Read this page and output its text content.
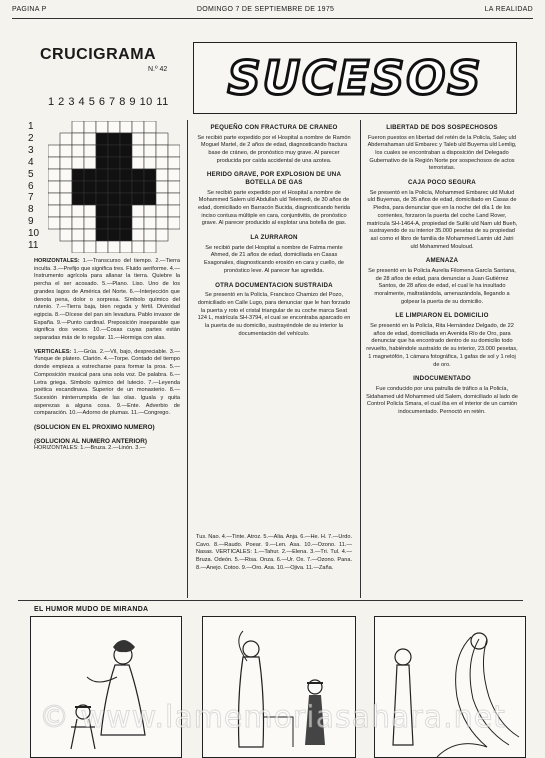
PAGINA P	DOMINGO 7 DE SEPTIEMBRE DE 1975	LA REALIDAD
CRUCIGRAMA
N.º 42
1 2 3 4 5 6 7 8 9 10 11
1
2
3
4
5
6
7
8
9
10
11

HORIZONTALES: 1.—Transcurso del tiempo. 2.—Tierra inculta. 3.—Prefijo que significa tres. Fluido aeriforme. 4.—Instrumento agrícola para allanar la tierra. Quiebre la percha el ser acosado. 5.—Plano. Liso. Uno de los grandes lagos de América del Norte. 6.—Interjección que denota pena, dolor o sorpresa. Símbolo químico del rutenio. 7.—Tierra baja, bien regada y fértil. Divinidad egipcia. 8.—Dícese del pan sin levadura. Pablo invasor de España. 9.—Punto cardinal. Preposición inseparable que significa dos veces. 10.—Cosas cuyas partes están separadas más de lo regular. 11.—Hormiga con alas.

VERTICALES: 1.—Grúa. 2.—Vil, bajo, despreciable. 3.—Yunque de platero. Clarión. 4.—Torpe. Contado del tiempo donde empieza a estrecharse para formar la proa. 5.—Composición musical para una sola voz. De palabra. 6.—Letra griega. Símbolo químico del lutecio. 7.—Leyenda poética escandinava. Superior de un monasterio. 8.—Sucesión ininterrumpida de las olas. Iguala y quita asperezas a alguna cosa. 9.—Ente. Adverbio de comparación. 10.—Adorno de plumas. 11.—Congrego.

(SOLUCION EN EL PROXIMO NUMERO)

(SOLUCION AL NUMERO ANTERIOR)

HORIZONTALES: 1.—Bruza. 2.—Linón. 3.—

SUCESOS
PEQUEÑO CON FRACTURA DE CRANEO

Se recibió parte expedido por el Hospital a nombre de Ramón Moguel Martel, de 2 años de edad, diagnosticando fractura base de cráneo, de pronóstico muy grave. Al parecer producida por caída accidental de una azotea.

HERIDO GRAVE, POR EXPLOSION DE UNA BOTELLA DE GAS

Se recibió parte expedido por el Hospital a nombre de Mohammed Salem uld Abdullah uld Telemedi, de 30 años de edad, domiciliado en Barracón Bucida, diagnosticando herida inciso contusa múltiple en cara, conjuntivitis, de pronóstico grave. Al parecer producido al explotar una botella de gas.

LA ZURRARON

Se recibió parte del Hospital a nombre de Fatma mente Ahmed, de 21 años de edad, domiciliada en Casas Exagonales, diagnosticando erosión en cara y cuello, de pronóstico leve. Al parecer fue agredida.

OTRA DOCUMENTACION SUSTRAIDA

Se presentó en la Policía, Francisco Chamizo del Pozo, domiciliado en Calle Lugo, para denunciar que le han forzado la puerta y roto el cristal triangular de su coche marca Seat 124 L, matrícula SH-3794, el cual se encontraba aparcado en la puerta de su domicilio, sustrayéndole de su interior la documentación del vehículo.

Tus. Nao. 4.—Tinte. Atroz. 5.—Alia. Anja. 6.—He. H. 7.—Urdo. Cavo. 8.—Raudo. Poear. 9.—Len. Asa. 10.—Ozono. 11.—Nasas. VERTICALES: 1.—Tahur. 2.—Elena. 3.—Tri. Tul. 4.—Bruza. Odeón. 5.—Risa. Onza. 6.—Ur. Ox. 7.—Ozono. Pana. 8.—Anejo. Cotoo. 9.—Oro. Asa. 10.—Ojiva. 11.—Zaña.

LIBERTAD DE DOS SOSPECHOSOS

Fueron puestos en libertad del retén de la Policía, Saleç uld Abderrahaman uld Embarec y Taleb uld Buyema uld Lemlig, los cuales se encontraban a disposición del Delegado Gubernativo de la Región Norte por sospechosos de actos terroristas.

CAJA POCO SEGURA

Se presentó en la Policía, Mohammed Embarec uld Mulud uld Buyemas, de 35 años de edad, domiciliado en Casas de Piedra, para denunciar que en la noche del día 1 de los corrientes, forzaron la puerta del coche Land Rover, matrícula SH-1464-A, propiedad de Suilki uld Nam uld Bueh, sustrayendo de su interior 35.000 pesetas de su propiedad así como el libro de familia de Mohammed Lamin uld Jatri uld Mohammed Mouloud.

AMENAZA

Se presentó en la Policía Aurelia Filomena García Santana, de 28 años de edad, para denunciar a Juan Gutiérrez Santos, de 28 años de edad, el cual le ha insultado moralmente, maltratándola, amenazándola, llegando a golpear la puerta de su domicilio.

LE LIMPIARON EL DOMICILIO

Se presentó en la Policía, Rita Hernández Delgado, de 22 años de edad, domiciliada en Avenida Río de Oro, para denunciar que ha encontrado dentro de su domicilio todo revuelto, habiéndole sustraído de su interior, 23.000 pesetas, 1 magnetófón, 1 cámara fotográfica, 1 gafas de sol y 1 reloj de oro.

INDOCUMENTADO

Fue conducido por una patrulla de tráfico a la Policía, Sidahamed uld Mohammed uld Salem, domiciliado al lado de Control Policía Smara, el cual iba en el interior de un camión indocumentado. Pernoctó en retén.

EL HUMOR MUDO DE MIRANDA
© www.lamemoriasahara.net
